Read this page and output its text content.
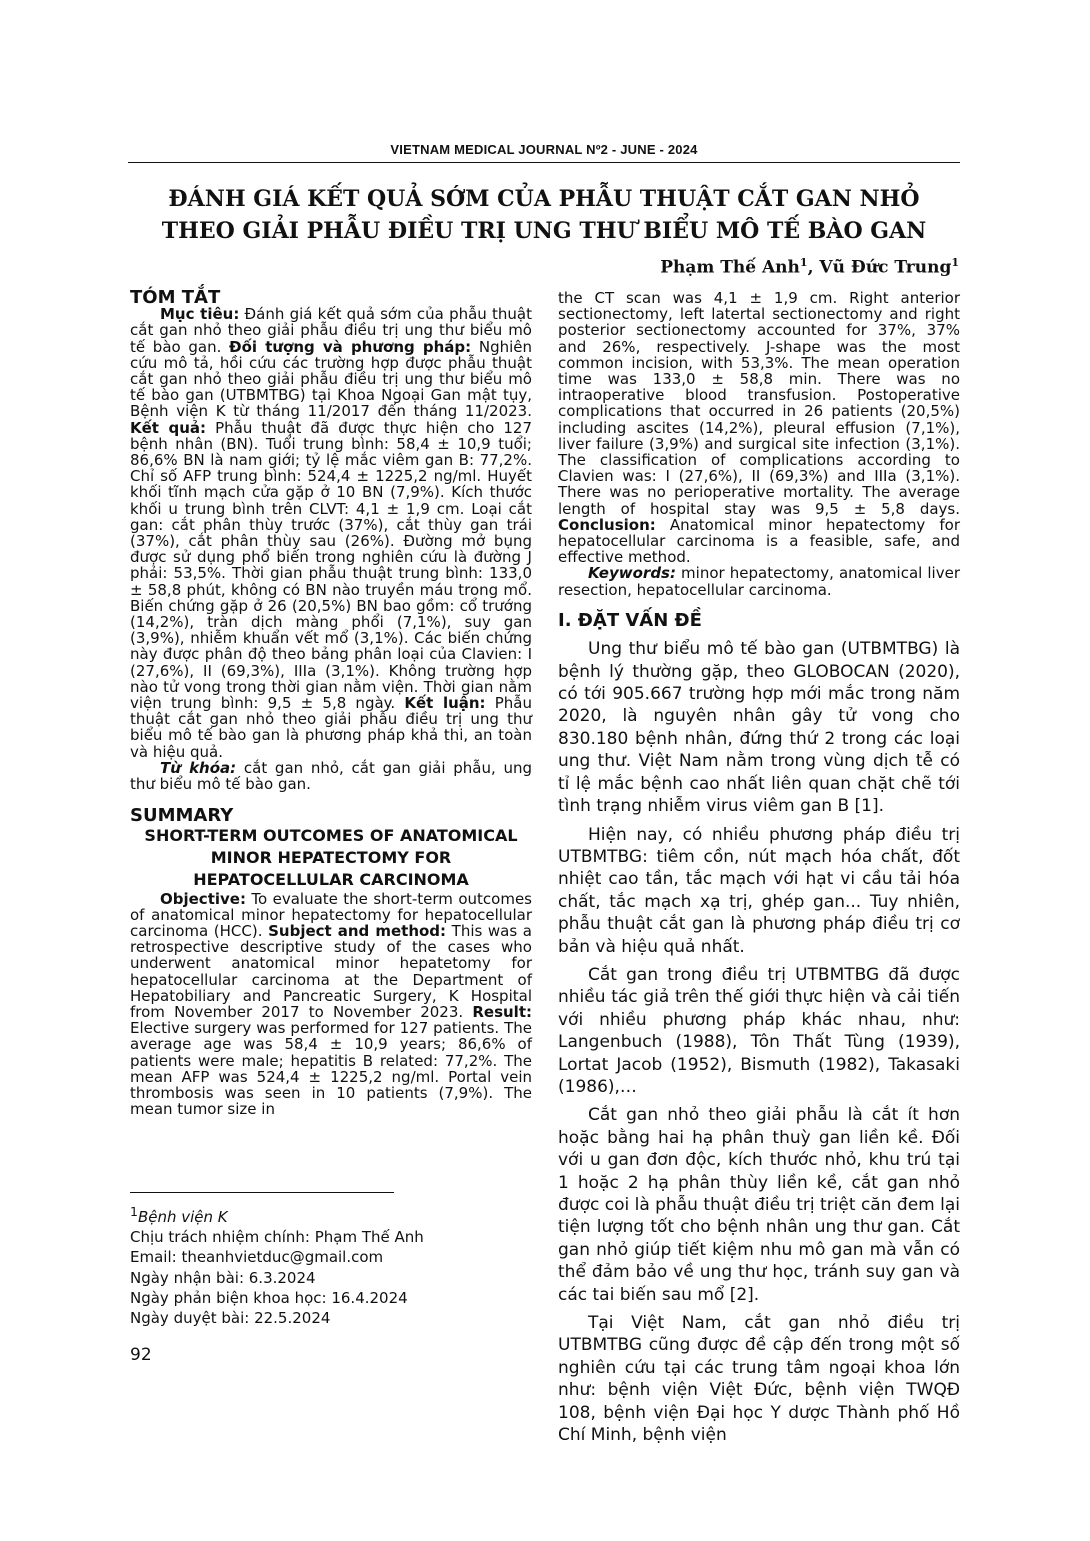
VIETNAM MEDICAL JOURNAL Nº2 - JUNE - 2024
ĐÁNH GIÁ KẾT QUẢ SỚM CỦA PHẪU THUẬT CẮT GAN NHỎ
THEO GIẢI PHẪU ĐIỀU TRỊ UNG THƯ BIỂU MÔ TẾ BÀO GAN

Phạm Thế Anh$^1$, Vũ Đức Trung$^1$

TÓM TẮT

Mục tiêu: Đánh giá kết quả sớm của phẫu thuật cắt gan nhỏ theo giải phẫu điều trị ung thư biểu mô tế bào gan. Đối tượng và phương pháp: Nghiên cứu mô tả, hồi cứu các trường hợp được phẫu thuật cắt gan nhỏ theo giải phẫu điều trị ung thư biểu mô tế bào gan (UTBMTBG) tại Khoa Ngoại Gan mật tụy, Bệnh viện K từ tháng 11/2017 đến tháng 11/2023. Kết quả: Phẫu thuật đã được thực hiện cho 127 bệnh nhân (BN). Tuổi trung bình: 58,4 ± 10,9 tuổi; 86,6% BN là nam giới; tỷ lệ mắc viêm gan B: 77,2%. Chỉ số AFP trung bình: 524,4 ± 1225,2 ng/ml. Huyết khối tĩnh mạch cửa gặp ở 10 BN (7,9%). Kích thước khối u trung bình trên CLVT: 4,1 ± 1,9 cm. Loại cắt gan: cắt phân thùy trước (37%), cắt thùy gan trái (37%), cắt phân thùy sau (26%). Đường mở bụng được sử dụng phổ biến trong nghiên cứu là đường J phải: 53,5%. Thời gian phẫu thuật trung bình: 133,0 ± 58,8 phút, không có BN nào truyền máu trong mổ. Biến chứng gặp ở 26 (20,5%) BN bao gồm: cổ trướng (14,2%), tràn dịch màng phổi (7,1%), suy gan (3,9%), nhiễm khuẩn vết mổ (3,1%). Các biến chứng này được phân độ theo bảng phân loại của Clavien: I (27,6%), II (69,3%), IIIa (3,1%). Không trường hợp nào tử vong trong thời gian nằm viện. Thời gian nằm viện trung bình: 9,5 ± 5,8 ngày. Kết luận: Phẫu thuật cắt gan nhỏ theo giải phẫu điều trị ung thư biểu mô tế bào gan là phương pháp khả thi, an toàn và hiệu quả.

Từ khóa: cắt gan nhỏ, cắt gan giải phẫu, ung thư biểu mô tế bào gan.

SUMMARY

SHORT-TERM OUTCOMES OF ANATOMICAL MINOR HEPATECTOMY FOR HEPATOCELLULAR CARCINOMA

Objective: To evaluate the short-term outcomes of anatomical minor hepatectomy for hepatocellular carcinoma (HCC). Subject and method: This was a retrospective descriptive study of the cases who underwent anatomical minor hepatetomy for hepatocellular carcinoma at the Department of Hepatobiliary and Pancreatic Surgery, K Hospital from November 2017 to November 2023. Result: Elective surgery was performed for 127 patients. The average age was 58,4 ± 10,9 years; 86,6% of patients were male; hepatitis B related: 77,2%. The mean AFP was 524,4 ± 1225,2 ng/ml. Portal vein thrombosis was seen in 10 patients (7,9%). The mean tumor size in

$^1$Bệnh viện K
Chịu trách nhiệm chính: Phạm Thế Anh
Email: theanhvietduc@gmail.com
Ngày nhận bài: 6.3.2024
Ngày phản biện khoa học: 16.4.2024
Ngày duyệt bài: 22.5.2024
92

the CT scan was 4,1 ± 1,9 cm. Right anterior sectionectomy, left latertal sectionectomy and right posterior sectionectomy accounted for 37%, 37% and 26%, respectively. J-shape was the most common incision, with 53,3%. The mean operation time was 133,0 ± 58,8 min. There was no intraoperative blood transfusion. Postoperative complications that occurred in 26 patients (20,5%) including ascites (14,2%), pleural effusion (7,1%), liver failure (3,9%) and surgical site infection (3,1%). The classification of complications according to Clavien was: I (27,6%), II (69,3%) and IIIa (3,1%). There was no perioperative mortality. The average length of hospital stay was 9,5 ± 5,8 days. Conclusion: Anatomical minor hepatectomy for hepatocellular carcinoma is a feasible, safe, and effective method.

Keywords: minor hepatectomy, anatomical liver resection, hepatocellular carcinoma.

I. ĐẶT VẤN ĐỀ

Ung thư biểu mô tế bào gan (UTBMTBG) là bệnh lý thường gặp, theo GLOBOCAN (2020), có tới 905.667 trường hợp mới mắc trong năm 2020, là nguyên nhân gây tử vong cho 830.180 bệnh nhân, đứng thứ 2 trong các loại ung thư. Việt Nam nằm trong vùng dịch tễ có tỉ lệ mắc bệnh cao nhất liên quan chặt chẽ tới tình trạng nhiễm virus viêm gan B [1].

Hiện nay, có nhiều phương pháp điều trị UTBMTBG: tiêm cồn, nút mạch hóa chất, đốt nhiệt cao tần, tắc mạch với hạt vi cầu tải hóa chất, tắc mạch xạ trị, ghép gan... Tuy nhiên, phẫu thuật cắt gan là phương pháp điều trị cơ bản và hiệu quả nhất.

Cắt gan trong điều trị UTBMTBG đã được nhiều tác giả trên thế giới thực hiện và cải tiến với nhiều phương pháp khác nhau, như: Langenbuch (1988), Tôn Thất Tùng (1939), Lortat Jacob (1952), Bismuth (1982), Takasaki (1986),…

Cắt gan nhỏ theo giải phẫu là cắt ít hơn hoặc bằng hai hạ phân thuỳ gan liền kề. Đối với u gan đơn độc, kích thước nhỏ, khu trú tại 1 hoặc 2 hạ phân thùy liền kề, cắt gan nhỏ được coi là phẫu thuật điều trị triệt căn đem lại tiện lượng tốt cho bệnh nhân ung thư gan. Cắt gan nhỏ giúp tiết kiệm nhu mô gan mà vẫn có thể đảm bảo về ung thư học, tránh suy gan và các tai biến sau mổ [2].

Tại Việt Nam, cắt gan nhỏ điều trị UTBMTBG cũng được đề cập đến trong một số nghiên cứu tại các trung tâm ngoại khoa lớn như: bệnh viện Việt Đức, bệnh viện TWQĐ 108, bệnh viện Đại học Y dược Thành phố Hồ Chí Minh, bệnh viện
